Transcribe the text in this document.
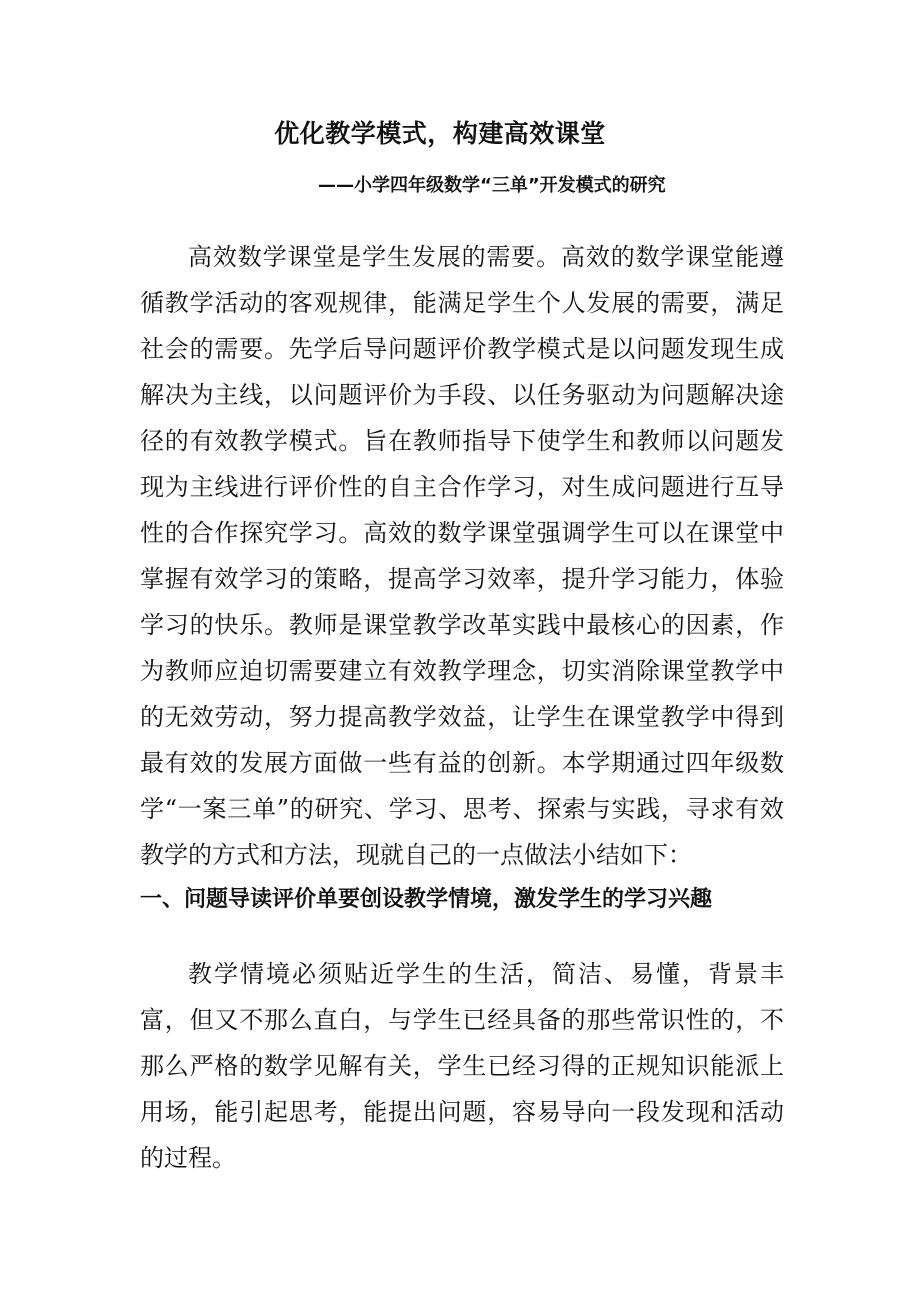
优化教学模式，构建高效课堂

——小学四年级数学“三单”开发模式的研究

高效数学课堂是学生发展的需要。高效的数学课堂能遵循教学活动的客观规律，能满足学生个人发展的需要，满足社会的需要。先学后导问题评价教学模式是以问题发现生成解决为主线，以问题评价为手段、以任务驱动为问题解决途径的有效教学模式。旨在教师指导下使学生和教师以问题发现为主线进行评价性的自主合作学习，对生成问题进行互导性的合作探究学习。高效的数学课堂强调学生可以在课堂中掌握有效学习的策略，提高学习效率，提升学习能力，体验学习的快乐。教师是课堂教学改革实践中最核心的因素，作为教师应迫切需要建立有效教学理念，切实消除课堂教学中的无效劳动，努力提高教学效益，让学生在课堂教学中得到最有效的发展方面做一些有益的创新。本学期通过四年级数学“一案三单”的研究、学习、思考、探索与实践，寻求有效教学的方式和方法，现就自己的一点做法小结如下：

一、问题导读评价单要创设教学情境，激发学生的学习兴趣

教学情境必须贴近学生的生活，简洁、易懂，背景丰富，但又不那么直白，与学生已经具备的那些常识性的，不那么严格的数学见解有关，学生已经习得的正规知识能派上用场，能引起思考，能提出问题，容易导向一段发现和活动的过程。
